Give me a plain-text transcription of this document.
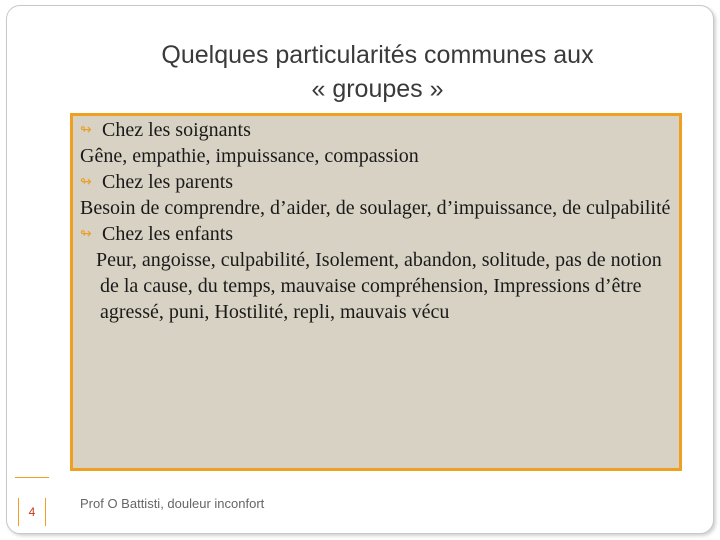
Quelques particularités communes aux
« groupes »
↬ Chez les soignants
Gêne, empathie, impuissance, compassion
↬ Chez les parents
Besoin de comprendre, d’aider, de soulager, d’impuissance, de culpabilité
↬ Chez les enfants
Peur, angoisse, culpabilité, Isolement, abandon, solitude, pas de notion de la cause, du temps, mauvaise compréhension, Impressions d’être agressé, puni, Hostilité, repli, mauvais vécu
4
Prof O Battisti, douleur inconfort
